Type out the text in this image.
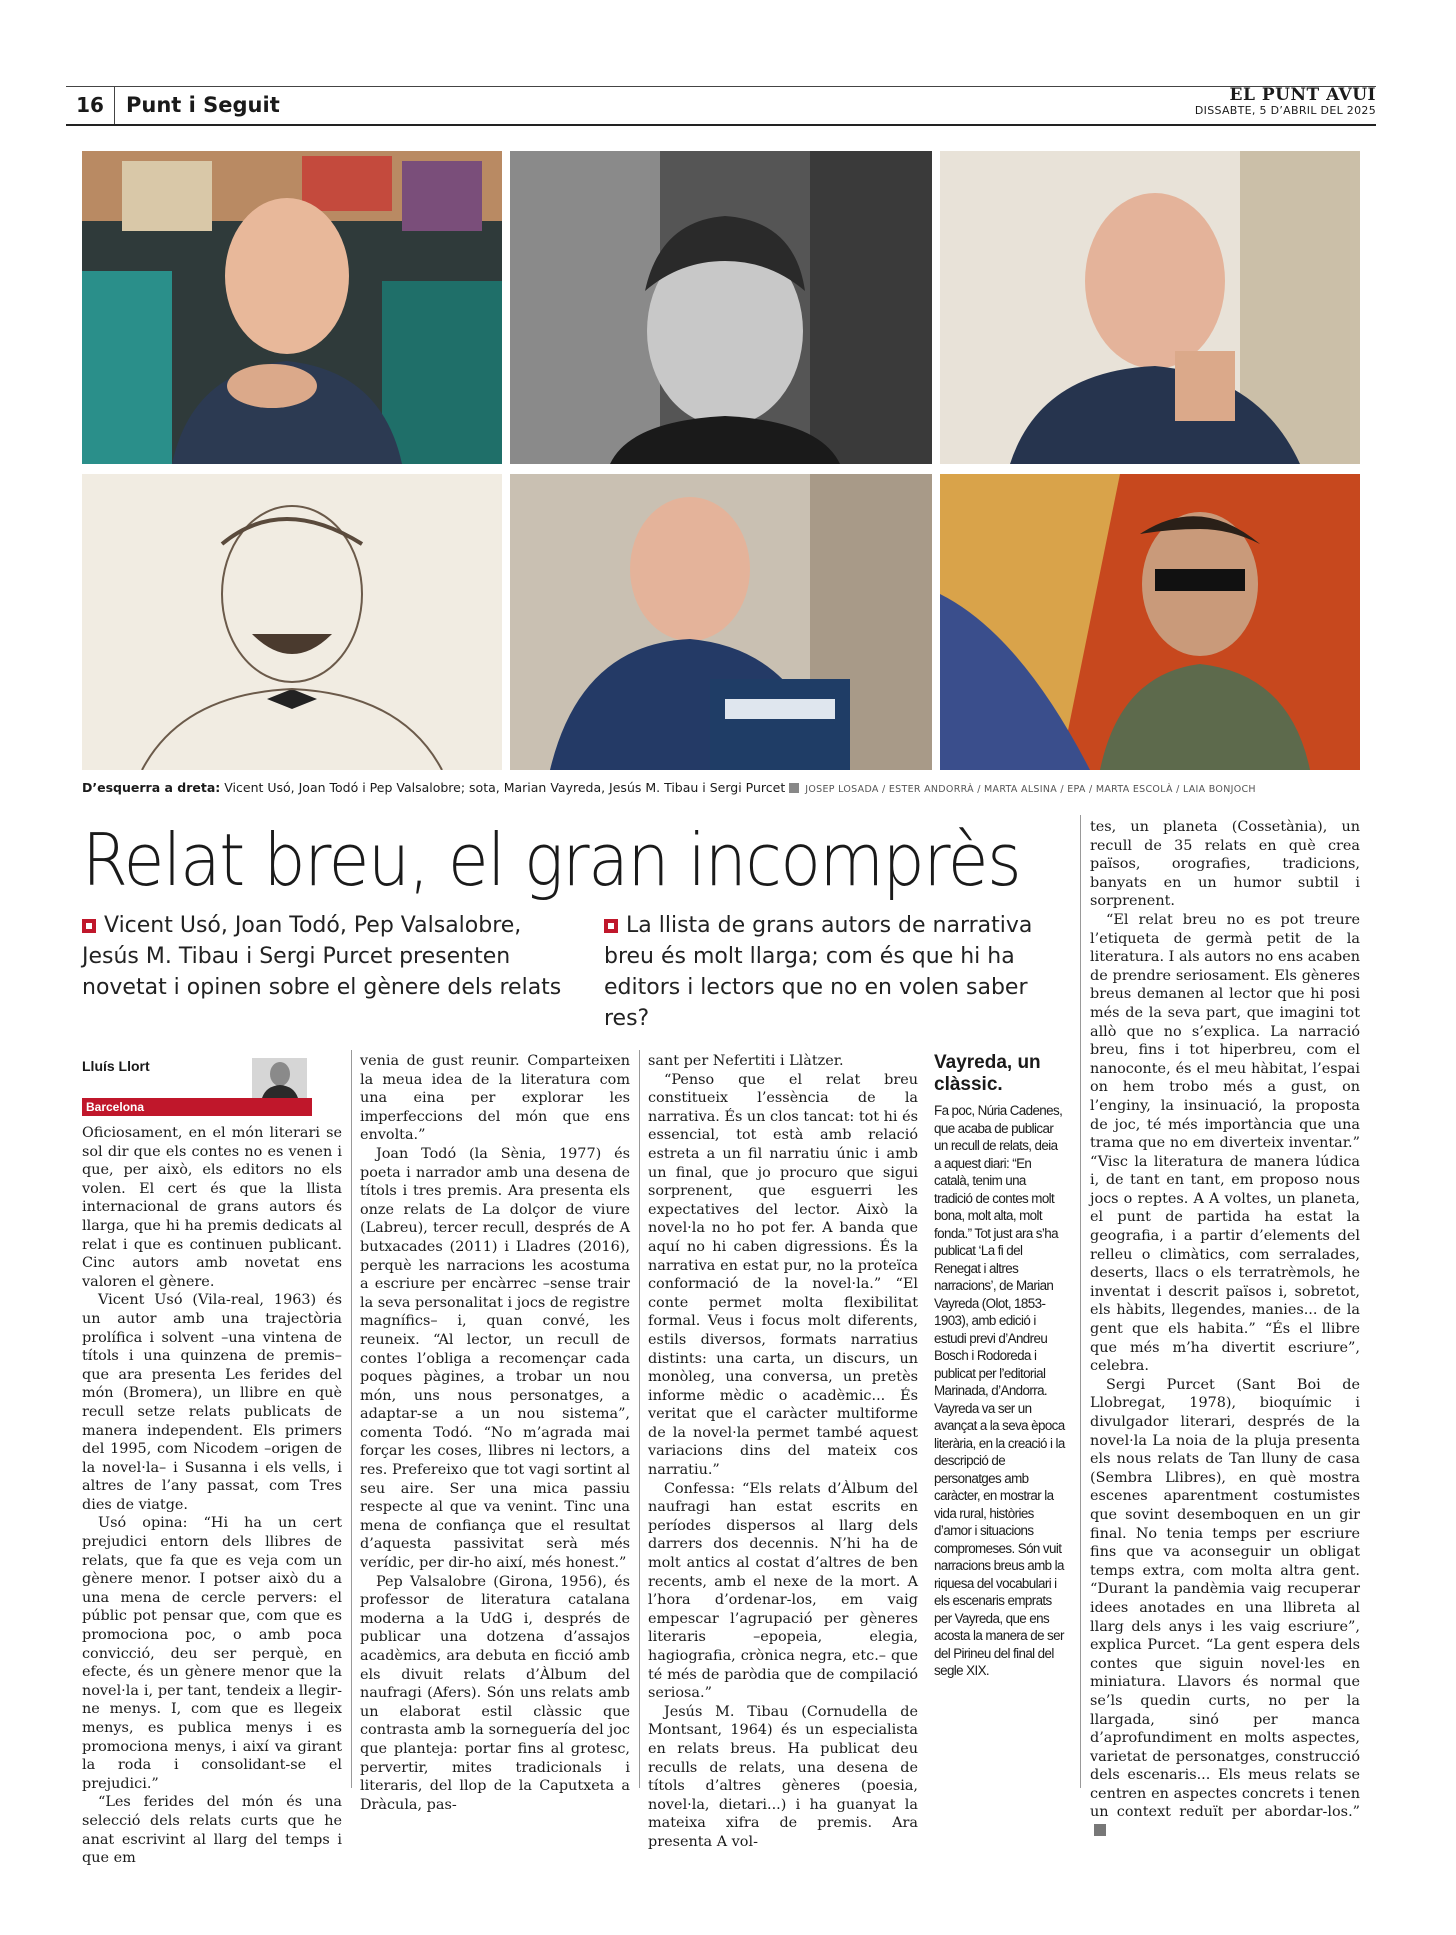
16	Punt i Seguit	EL PUNT AVUI
DISSABTE, 5 D’ABRIL DEL 2025
D’esquerra a dreta: Vicent Usó, Joan Todó i Pep Valsalobre; sota, Marian Vayreda, Jesús M. Tibau i Sergi Purcet JOSEP LOSADA / ESTER ANDORRÀ / MARTA ALSINA / EPA / MARTA ESCOLÀ / LAIA BONJOCH
Relat breu, el gran incomprès
Vicent Usó, Joan Todó, Pep Valsalobre, Jesús M. Tibau i Sergi Purcet presenten novetat i opinen sobre el gènere dels relats
La llista de grans autors de narrativa breu és molt llarga; com és que hi ha editors i lectors que no en volen saber res?
Lluís Llort
Barcelona

Oficiosament, en el món literari se sol dir que els contes no es venen i que, per això, els editors no els volen. El cert és que la llista internacional de grans autors és llarga, que hi ha premis dedicats al relat i que es continuen publicant. Cinc autors amb novetat ens valoren el gènere.

Vicent Usó (Vila-real, 1963) és un autor amb una trajectòria prolífica i solvent –una vintena de títols i una quinzena de premis– que ara presenta Les ferides del món (Bromera), un llibre en què recull setze relats publicats de manera independent. Els primers del 1995, com Nicodem –origen de la novel·la– i Susanna i els vells, i altres de l’any passat, com Tres dies de viatge.

Usó opina: “Hi ha un cert prejudici entorn dels llibres de relats, que fa que es veja com un gènere menor. I potser això du a una mena de cercle pervers: el públic pot pensar que, com que es promociona poc, o amb poca convicció, deu ser perquè, en efecte, és un gènere menor que la novel·la i, per tant, tendeix a llegir-ne menys. I, com que es llegeix menys, es publica menys i es promociona menys, i així va girant la roda i consolidant-se el prejudici.”

“Les ferides del món és una selecció dels relats curts que he anat escrivint al llarg del temps i que em

venia de gust reunir. Comparteixen la meua idea de la literatura com una eina per explorar les imperfeccions del món que ens envolta.”

Joan Todó (la Sènia, 1977) és poeta i narrador amb una desena de títols i tres premis. Ara presenta els onze relats de La dolçor de viure (Labreu), tercer recull, després de A butxacades (2011) i Lladres (2016), perquè les narracions les acostuma a escriure per encàrrec –sense trair la seva personalitat i jocs de registre magnífics– i, quan convé, les reuneix. “Al lector, un recull de contes l’obliga a recomençar cada poques pàgines, a trobar un nou món, uns nous personatges, a adaptar-se a un nou sistema”, comenta Todó. “No m’agrada mai forçar les coses, llibres ni lectors, a res. Prefereixo que tot vagi sortint al seu aire. Ser una mica passiu respecte al que va venint. Tinc una mena de confiança que el resultat d’aquesta passivitat serà més verídic, per dir-ho així, més honest.”

Pep Valsalobre (Girona, 1956), és professor de literatura catalana moderna a la UdG i, després de publicar una dotzena d’assajos acadèmics, ara debuta en ficció amb els divuit relats d’Àlbum del naufragi (Afers). Són uns relats amb un elaborat estil clàssic que contrasta amb la sorneguería del joc que planteja: portar fins al grotesc, pervertir, mites tradicionals i literaris, del llop de la Caputxeta a Dràcula, pas-

sant per Nefertiti i Llàtzer.

“Penso que el relat breu constitueix l’essència de la narrativa. És un clos tancat: tot hi és essencial, tot està amb relació estreta a un fil narratiu únic i amb un final, que jo procuro que sigui sorprenent, que esguerri les expectatives del lector. Això la novel·la no ho pot fer. A banda que aquí no hi caben digressions. És la narrativa en estat pur, no la proteïca conformació de la novel·la.” “El conte permet molta flexibilitat formal. Veus i focus molt diferents, estils diversos, formats narratius distints: una carta, un discurs, un monòleg, una conversa, un pretès informe mèdic o acadèmic... És veritat que el caràcter multiforme de la novel·la permet també aquest variacions dins del mateix cos narratiu.”

Confessa: “Els relats d’Àlbum del naufragi han estat escrits en períodes dispersos al llarg dels darrers dos decennis. N’hi ha de molt antics al costat d’altres de ben recents, amb el nexe de la mort. A l’hora d’ordenar-los, em vaig empescar l’agrupació per gèneres literaris –epopeia, elegia, hagiografia, crònica negra, etc.– que té més de paròdia que de compilació seriosa.”

Jesús M. Tibau (Cornudella de Montsant, 1964) és un especialista en relats breus. Ha publicat deu reculls de relats, una desena de títols d’altres gèneres (poesia, novel·la, dietari...) i ha guanyat la mateixa xifra de premis. Ara presenta A vol-

Vayreda, un clàssic.
Fa poc, Núria Cadenes, que acaba de publicar un recull de relats, deia a aquest diari: “En català, tenim una tradició de contes molt bona, molt alta, molt fonda.” Tot just ara s’ha publicat ‘La fi del Renegat i altres narracions’, de Marian Vayreda (Olot, 1853-1903), amb edició i estudi previ d’Andreu Bosch i Rodoreda i publicat per l’editorial Marinada, d’Andorra. Vayreda va ser un avançat a la seva època literària, en la creació i la descripció de personatges amb caràcter, en mostrar la vida rural, històries d’amor i situacions compromeses. Són vuit narracions breus amb la riquesa del vocabulari i els escenaris emprats per Vayreda, que ens acosta la manera de ser del Pirineu del final del segle XIX.

tes, un planeta (Cossetània), un recull de 35 relats en què crea països, orografies, tradicions, banyats en un humor subtil i sorprenent.

“El relat breu no es pot treure l’etiqueta de germà petit de la literatura. I als autors no ens acaben de prendre seriosament. Els gèneres breus demanen al lector que hi posi més de la seva part, que imagini tot allò que no s’explica. La narració breu, fins i tot hiperbreu, com el nanoconte, és el meu hàbitat, l’espai on hem trobo més a gust, on l’enginy, la insinuació, la proposta de joc, té més importància que una trama que no em diverteix inventar.” “Visc la literatura de manera lúdica i, de tant en tant, em proposo nous jocs o reptes. A A voltes, un planeta, el punt de partida ha estat la geografia, i a partir d’elements del relleu o climàtics, com serralades, deserts, llacs o els terratrèmols, he inventat i descrit països i, sobretot, els hàbits, llegendes, manies... de la gent que els habita.” “És el llibre que més m’ha divertit escriure”, celebra.

Sergi Purcet (Sant Boi de Llobregat, 1978), bioquímic i divulgador literari, després de la novel·la La noia de la pluja presenta els nous relats de Tan lluny de casa (Sembra Llibres), en què mostra escenes aparentment costumistes que sovint desemboquen en un gir final. No tenia temps per escriure fins que va aconseguir un obligat temps extra, com molta altra gent. “Durant la pandèmia vaig recuperar idees anotades en una llibreta al llarg dels anys i les vaig escriure”, explica Purcet. “La gent espera dels contes que siguin novel·les en miniatura. Llavors és normal que se’ls quedin curts, no per la llargada, sinó per manca d’aprofundiment en molts aspectes, varietat de personatges, construcció dels escenaris... Els meus relats se centren en aspectes concrets i tenen un context reduït per abordar-los.”
